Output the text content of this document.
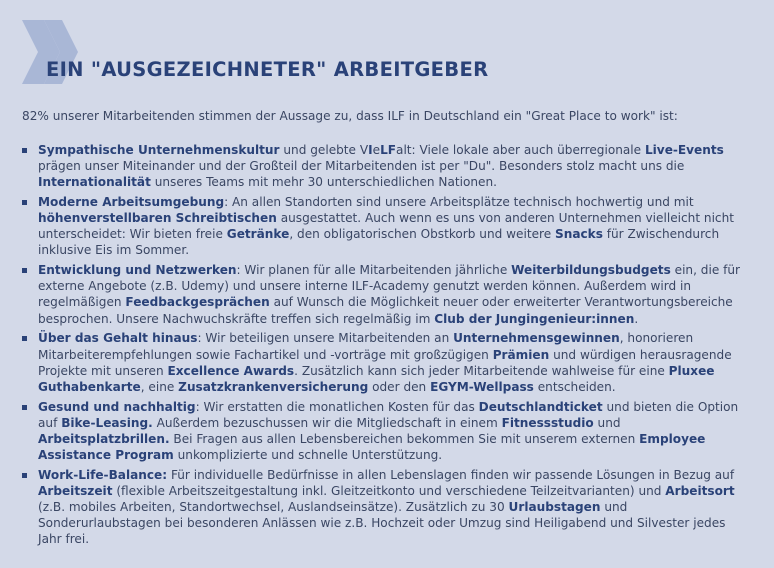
EIN "AUSGEZEICHNETER" ARBEITGEBER

82% unserer Mitarbeitenden stimmen der Aussage zu, dass ILF in Deutschland ein "Great Place to work" ist:

Sympathische Unternehmenskultur und gelebte VIeLFalt: Viele lokale aber auch überregionale Live-Events prägen unser Miteinander und der Großteil der Mitarbeitenden ist per "Du". Besonders stolz macht uns die Internationalität unseres Teams mit mehr 30 unterschiedlichen Nationen.
Moderne Arbeitsumgebung: An allen Standorten sind unsere Arbeitsplätze technisch hochwertig und mit höhenverstellbaren Schreibtischen ausgestattet. Auch wenn es uns von anderen Unternehmen vielleicht nicht unterscheidet: Wir bieten freie Getränke, den obligatorischen Obstkorb und weitere Snacks für Zwischendurch inklusive Eis im Sommer.
Entwicklung und Netzwerken: Wir planen für alle Mitarbeitenden jährliche Weiterbildungsbudgets ein, die für externe Angebote (z.B. Udemy) und unsere interne ILF-Academy genutzt werden können. Außerdem wird in regelmäßigen Feedbackgesprächen auf Wunsch die Möglichkeit neuer oder erweiterter Verantwortungsbereiche besprochen. Unsere Nachwuchskräfte treffen sich regelmäßig im Club der Jungingenieur:innen.
Über das Gehalt hinaus: Wir beteiligen unsere Mitarbeitenden an Unternehmensgewinnen, honorieren Mitarbeiterempfehlungen sowie Fachartikel und -vorträge mit großzügigen Prämien und würdigen herausragende Projekte mit unseren Excellence Awards. Zusätzlich kann sich jeder Mitarbeitende wahlweise für eine Pluxee Guthabenkarte, eine Zusatzkrankenversicherung oder den EGYM-Wellpass entscheiden.
Gesund und nachhaltig: Wir erstatten die monatlichen Kosten für das Deutschlandticket und bieten die Option auf Bike-Leasing. Außerdem bezuschussen wir die Mitgliedschaft in einem Fitnessstudio und Arbeitsplatzbrillen. Bei Fragen aus allen Lebensbereichen bekommen Sie mit unserem externen Employee Assistance Program unkomplizierte und schnelle Unterstützung.
Work-Life-Balance: Für individuelle Bedürfnisse in allen Lebenslagen finden wir passende Lösungen in Bezug auf Arbeitszeit (flexible Arbeitszeitgestaltung inkl. Gleitzeitkonto und verschiedene Teilzeitvarianten) und Arbeitsort (z.B. mobiles Arbeiten, Standortwechsel, Auslandseinsätze). Zusätzlich zu 30 Urlaubstagen und Sonderurlaubstagen bei besonderen Anlässen wie z.B. Hochzeit oder Umzug sind Heiligabend und Silvester jedes Jahr frei.
